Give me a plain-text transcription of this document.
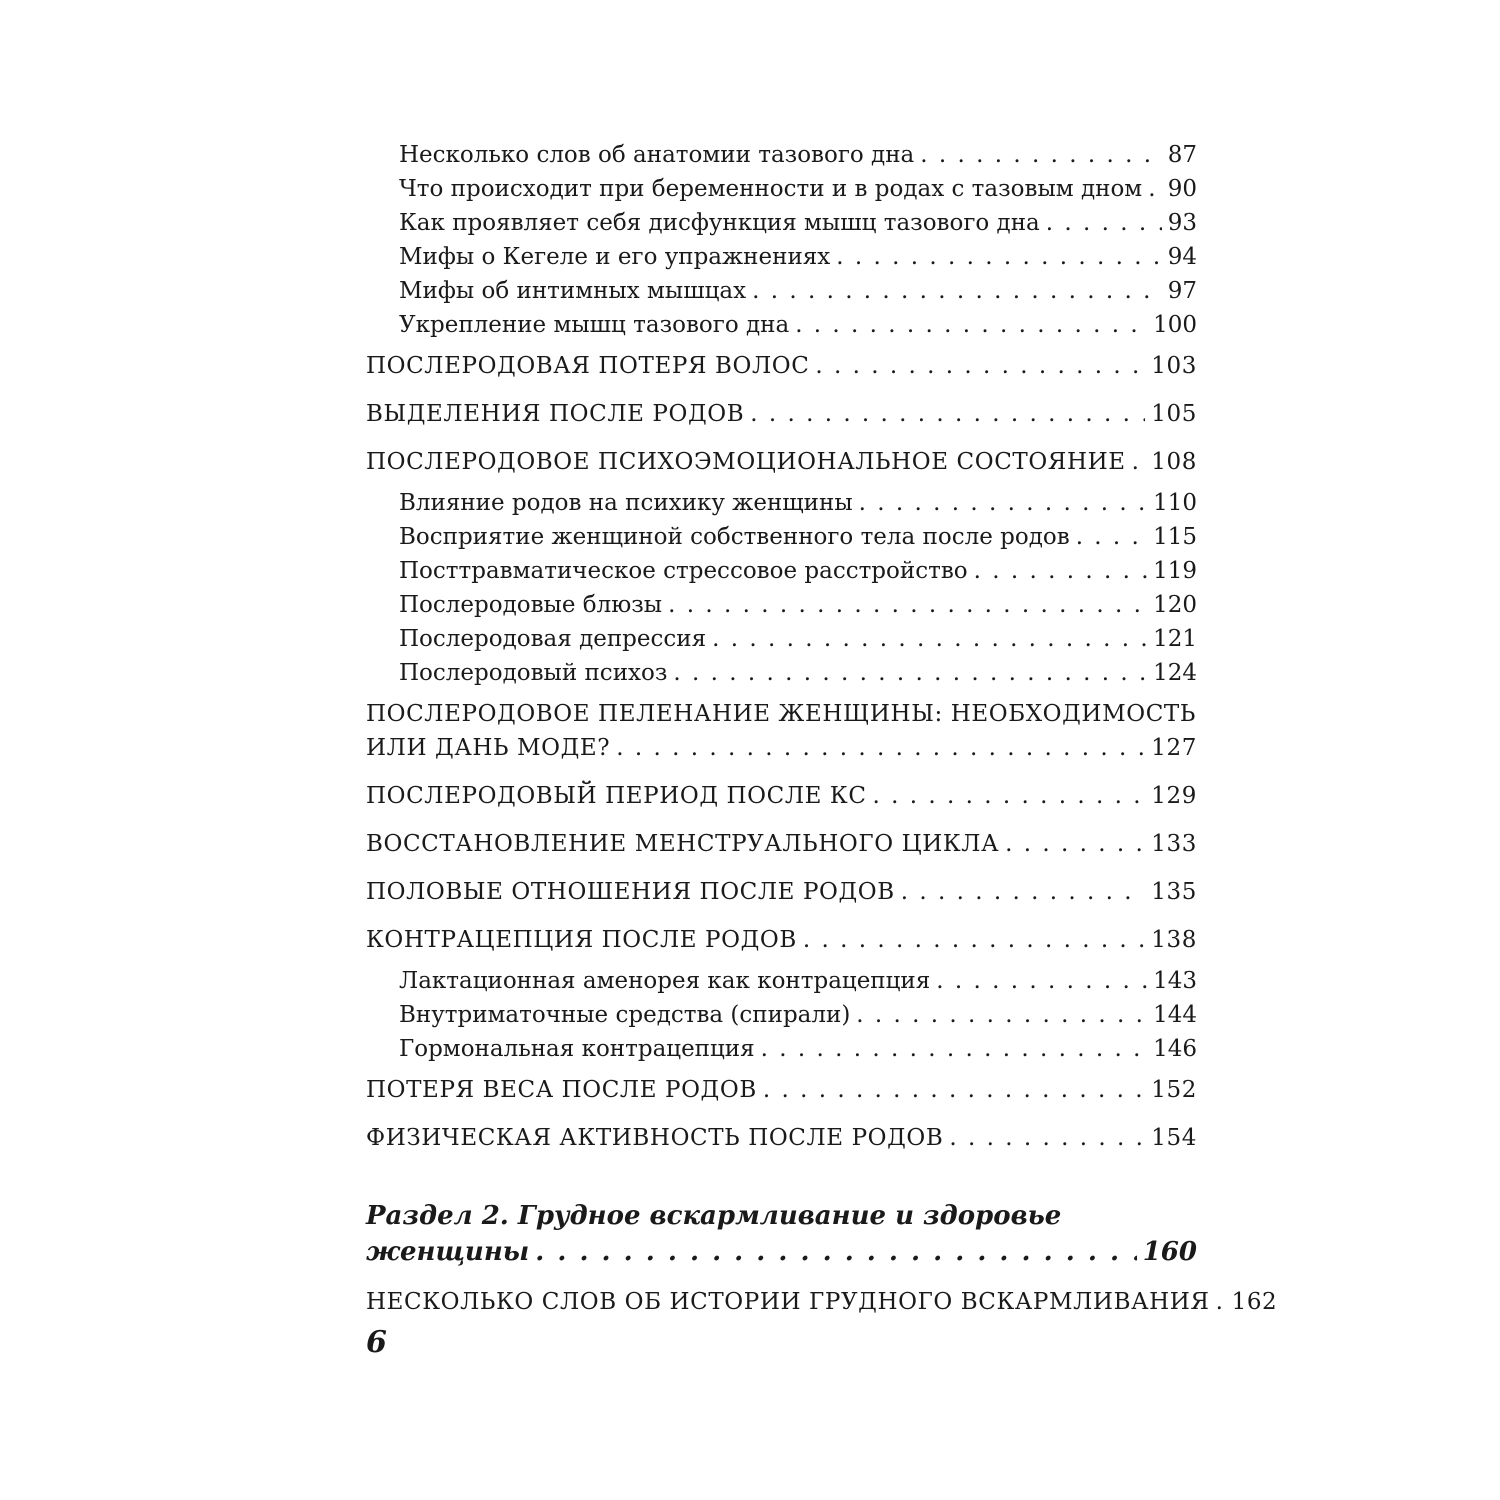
Несколько слов об анатомии тазового дна . . .	87
Что происходит при беременности и в родах с тазовым дном . . . 90
Как проявляет себя дисфункция мышц тазового дна . . .	93
Мифы о Кегеле и его упражнениях . . .	94
Мифы об интимных мышцах . . .	97
Укрепление мышц тазового дна . . .	100
ПОСЛЕРОДОВАЯ ПОТЕРЯ ВОЛОС . . .	103
ВЫДЕЛЕНИЯ ПОСЛЕ РОДОВ . . .	105
ПОСЛЕРОДОВОЕ ПСИХОЭМОЦИОНАЛЬНОЕ СОСТОЯНИЕ . . . 108
Влияние родов на психику женщины . . .	110
Восприятие женщиной собственного тела после родов . . .	115
Посттравматическое стрессовое расстройство . . .	119
Послеродовые блюзы . . .	120
Послеродовая депрессия . . .	121
Послеродовый психоз . . .	124
ПОСЛЕРОДОВОЕ ПЕЛЕНАНИЕ ЖЕНЩИНЫ: НЕОБХОДИМОСТЬ
ИЛИ ДАНЬ МОДЕ? . . .	127
ПОСЛЕРОДОВЫЙ ПЕРИОД ПОСЛЕ КС . . .	129
ВОССТАНОВЛЕНИЕ МЕНСТРУАЛЬНОГО ЦИКЛА . . .	133
ПОЛОВЫЕ ОТНОШЕНИЯ ПОСЛЕ РОДОВ . . .	135
КОНТРАЦЕПЦИЯ ПОСЛЕ РОДОВ . . .	138
Лактационная аменорея как контрацепция . . .	143
Внутриматочные средства (спирали) . . .	144
Гормональная контрацепция . . .	146
ПОТЕРЯ ВЕСА ПОСЛЕ РОДОВ . . .	152
ФИЗИЧЕСКАЯ АКТИВНОСТЬ ПОСЛЕ РОДОВ . . .	154
Раздел 2. Грудное вскармливание и здоровье
женщины . . .	160
НЕСКОЛЬКО СЛОВ ОБ ИСТОРИИ ГРУДНОГО ВСКАРМЛИВАНИЯ . . . 162
6
